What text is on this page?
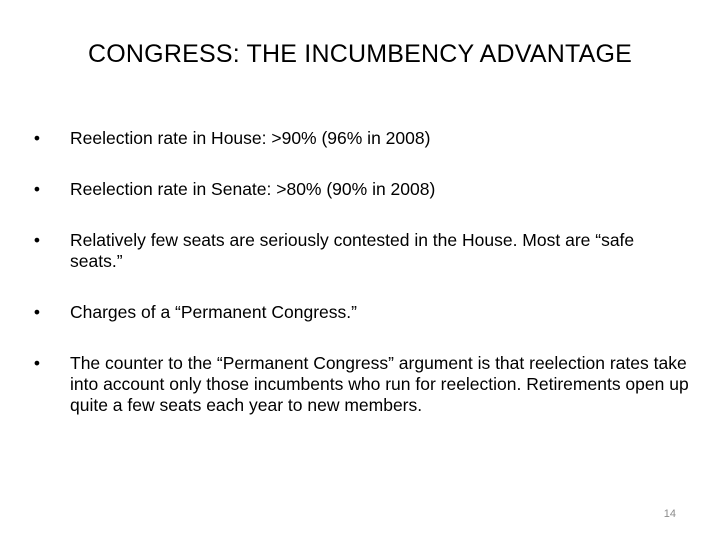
CONGRESS: THE INCUMBENCY ADVANTAGE
• Reelection rate in House: >90% (96% in 2008)
• Reelection rate in Senate: >80% (90% in 2008)
• Relatively few seats are seriously contested in the House. Most are “safe seats.”
• Charges of a “Permanent Congress.”
• The counter to the “Permanent Congress” argument is that reelection rates take into account only those incumbents who run for reelection. Retirements open up quite a few seats each year to new members.
14
